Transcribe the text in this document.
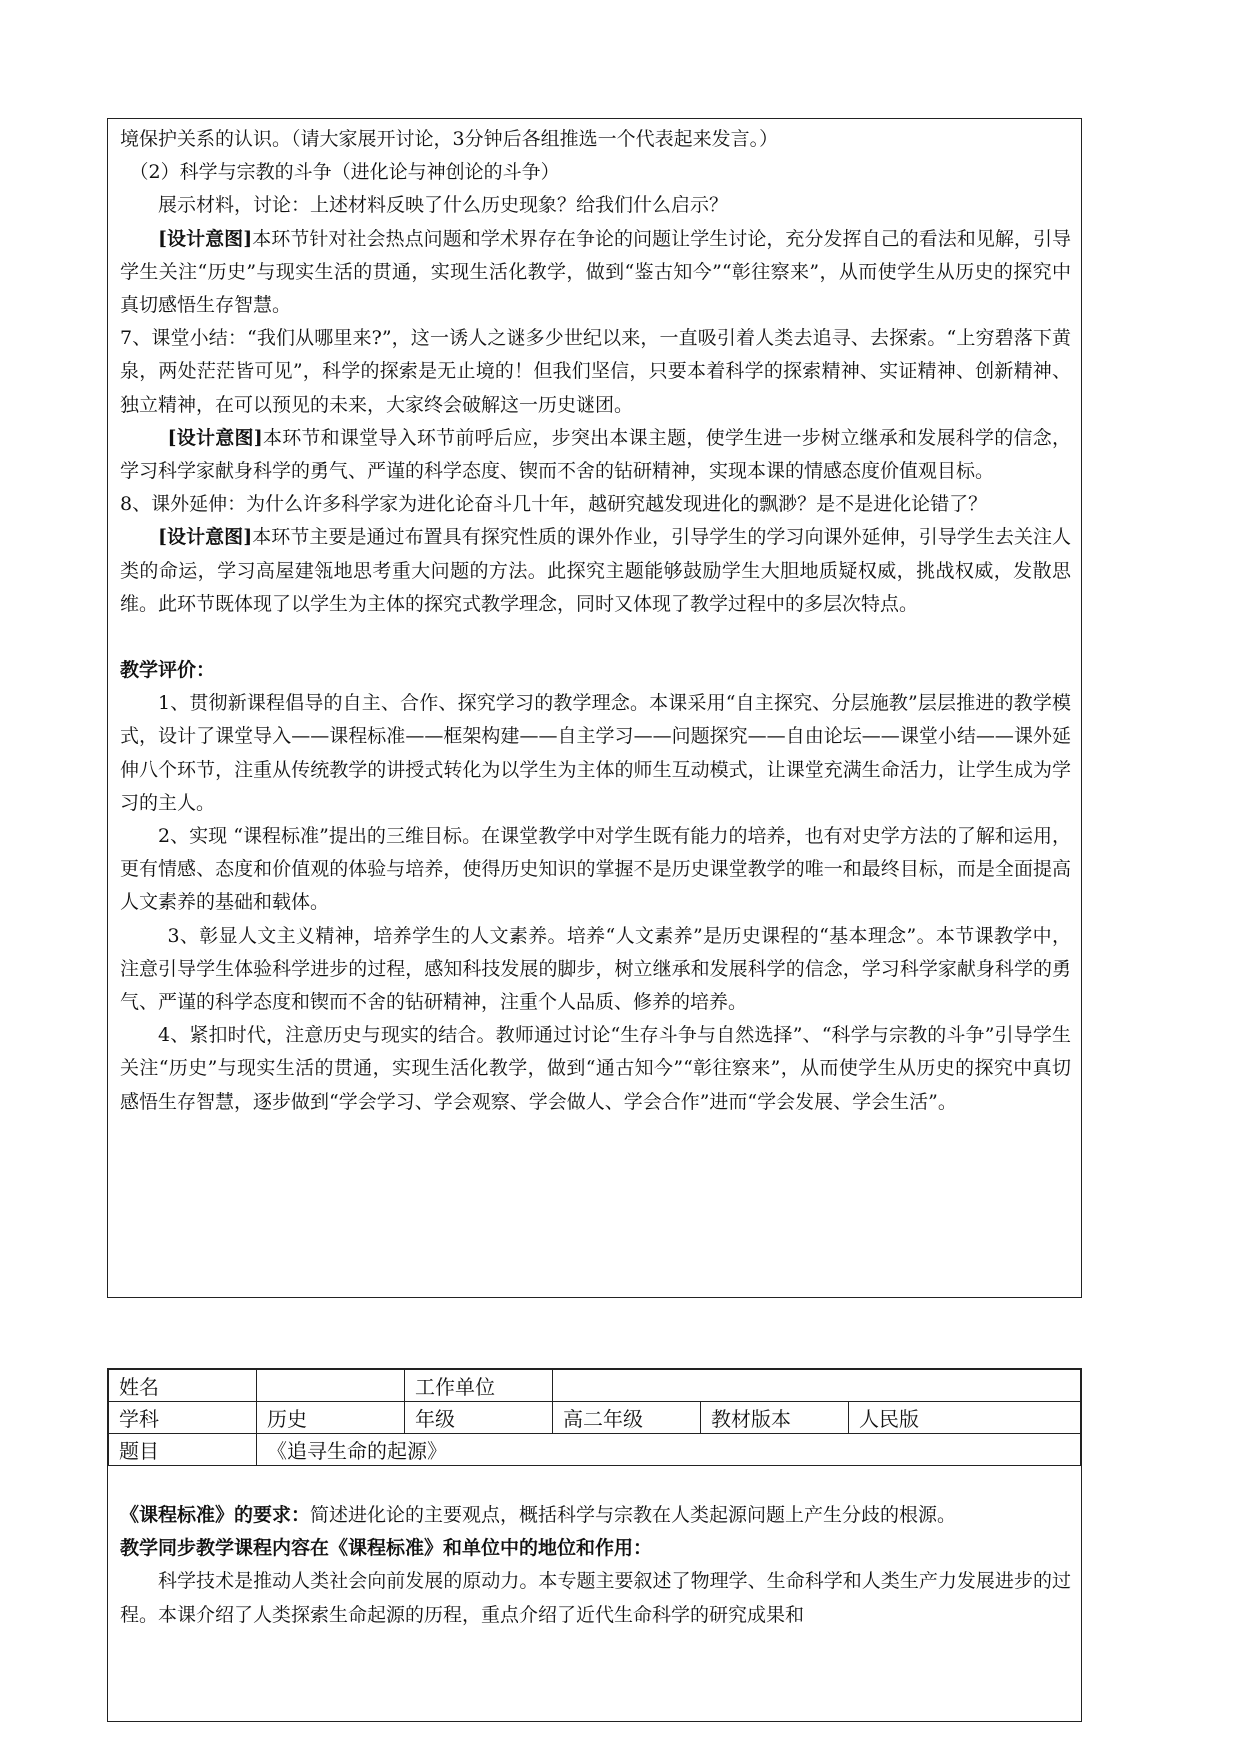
境保护关系的认识。（请大家展开讨论，3分钟后各组推选一个代表起来发言。）

（2）科学与宗教的斗争（进化论与神创论的斗争）

展示材料，讨论：上述材料反映了什么历史现象？给我们什么启示？

[设计意图]本环节针对社会热点问题和学术界存在争论的问题让学生讨论，充分发挥自己的看法和见解，引导学生关注“历史”与现实生活的贯通，实现生活化教学，做到“鉴古知今”“彰往察来”，从而使学生从历史的探究中真切感悟生存智慧。

7、课堂小结：“我们从哪里来?”，这一诱人之谜多少世纪以来，一直吸引着人类去追寻、去探索。“上穷碧落下黄泉，两处茫茫皆可见”，科学的探索是无止境的！但我们坚信，只要本着科学的探索精神、实证精神、创新精神、独立精神，在可以预见的未来，大家终会破解这一历史谜团。

[设计意图]本环节和课堂导入环节前呼后应，步突出本课主题，使学生进一步树立继承和发展科学的信念，学习科学家献身科学的勇气、严谨的科学态度、锲而不舍的钻研精神，实现本课的情感态度价值观目标。

8、课外延伸：为什么许多科学家为进化论奋斗几十年，越研究越发现进化的飘渺？是不是进化论错了？

[设计意图]本环节主要是通过布置具有探究性质的课外作业，引导学生的学习向课外延伸，引导学生去关注人类的命运，学习高屋建瓴地思考重大问题的方法。此探究主题能够鼓励学生大胆地质疑权威，挑战权威，发散思维。此环节既体现了以学生为主体的探究式教学理念，同时又体现了教学过程中的多层次特点。

教学评价：

1、贯彻新课程倡导的自主、合作、探究学习的教学理念。本课采用“自主探究、分层施教”层层推进的教学模式，设计了课堂导入——课程标准——框架构建——自主学习——问题探究——自由论坛——课堂小结——课外延伸八个环节，注重从传统教学的讲授式转化为以学生为主体的师生互动模式，让课堂充满生命活力，让学生成为学习的主人。

2、实现 “课程标准”提出的三维目标。在课堂教学中对学生既有能力的培养，也有对史学方法的了解和运用，更有情感、态度和价值观的体验与培养，使得历史知识的掌握不是历史课堂教学的唯一和最终目标，而是全面提高人文素养的基础和载体。

3、彰显人文主义精神，培养学生的人文素养。培养“人文素养”是历史课程的“基本理念”。本节课教学中，注意引导学生体验科学进步的过程，感知科技发展的脚步，树立继承和发展科学的信念，学习科学家献身科学的勇气、严谨的科学态度和锲而不舍的钻研精神，注重个人品质、修养的培养。

4、紧扣时代，注意历史与现实的结合。教师通过讨论“生存斗争与自然选择”、“科学与宗教的斗争”引导学生关注“历史”与现实生活的贯通，实现生活化教学，做到“通古知今”“彰往察来”，从而使学生从历史的探究中真切感悟生存智慧，逐步做到“学会学习、学会观察、学会做人、学会合作”进而“学会发展、学会生活”。

姓名		工作单位			
学科	历史	年级	高二年级	教材版本	人民版
题目	《追寻生命的起源》				

《课程标准》的要求：简述进化论的主要观点，概括科学与宗教在人类起源问题上产生分歧的根源。

教学同步教学课程内容在《课程标准》和单位中的地位和作用：

科学技术是推动人类社会向前发展的原动力。本专题主要叙述了物理学、生命科学和人类生产力发展进步的过程。本课介绍了人类探索生命起源的历程，重点介绍了近代生命科学的研究成果和
